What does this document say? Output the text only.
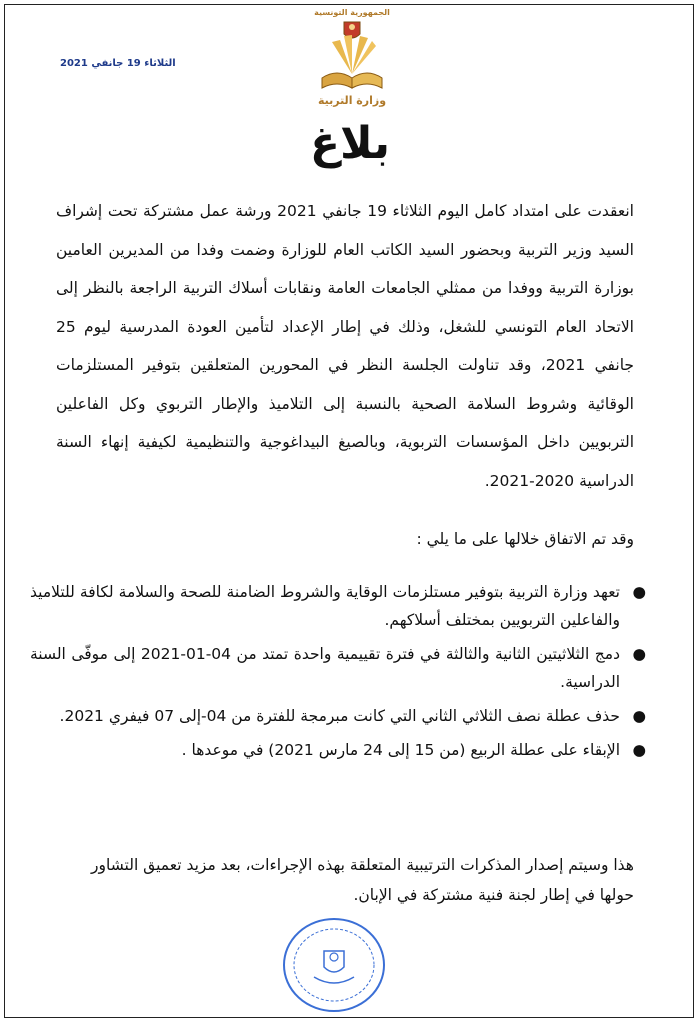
الثلاثاء 19 جانفي 2021
الجمهورية التونسية
وزارة التربية
بلاغ
انعقدت على امتداد كامل اليوم الثلاثاء 19 جانفي 2021 ورشة عمل مشتركة تحت إشراف السيد وزير التربية وبحضور السيد الكاتب العام للوزارة وضمت وفدا من المديرين العامين بوزارة التربية ووفدا من ممثلي الجامعات العامة ونقابات أسلاك التربية الراجعة بالنظر إلى الاتحاد العام التونسي للشغل، وذلك في إطار الإعداد لتأمين العودة المدرسية ليوم 25 جانفي 2021، وقد تناولت الجلسة النظر في المحورين المتعلقين بتوفير المستلزمات الوقائية وشروط السلامة الصحية بالنسبة إلى التلاميذ والإطار التربوي وكل الفاعلين التربويين داخل المؤسسات التربوية، وبالصيغ البيداغوجية والتنظيمية لكيفية إنهاء السنة الدراسية 2020-2021.
وقد تم الاتفاق خلالها على ما يلي :
●
تعهد وزارة التربية بتوفير مستلزمات الوقاية والشروط الضامنة للصحة والسلامة لكافة للتلاميذ والفاعلين التربويين بمختلف أسلاكهم.
●
دمج الثلاثيتين الثانية والثالثة في فترة تقييمية واحدة تمتد من 04-01-2021 إلى موفّى السنة الدراسية.
●
حذف عطلة نصف الثلاثي الثاني التي كانت مبرمجة للفترة من 04-إلى 07 فيفري 2021.
●
الإبقاء على عطلة الربيع (من 15 إلى 24 مارس 2021) في موعدها .
هذا وسيتم إصدار المذكرات الترتيبية المتعلقة بهذه الإجراءات، بعد مزيد تعميق التشاور حولها في إطار لجنة فنية مشتركة في الإبان.
